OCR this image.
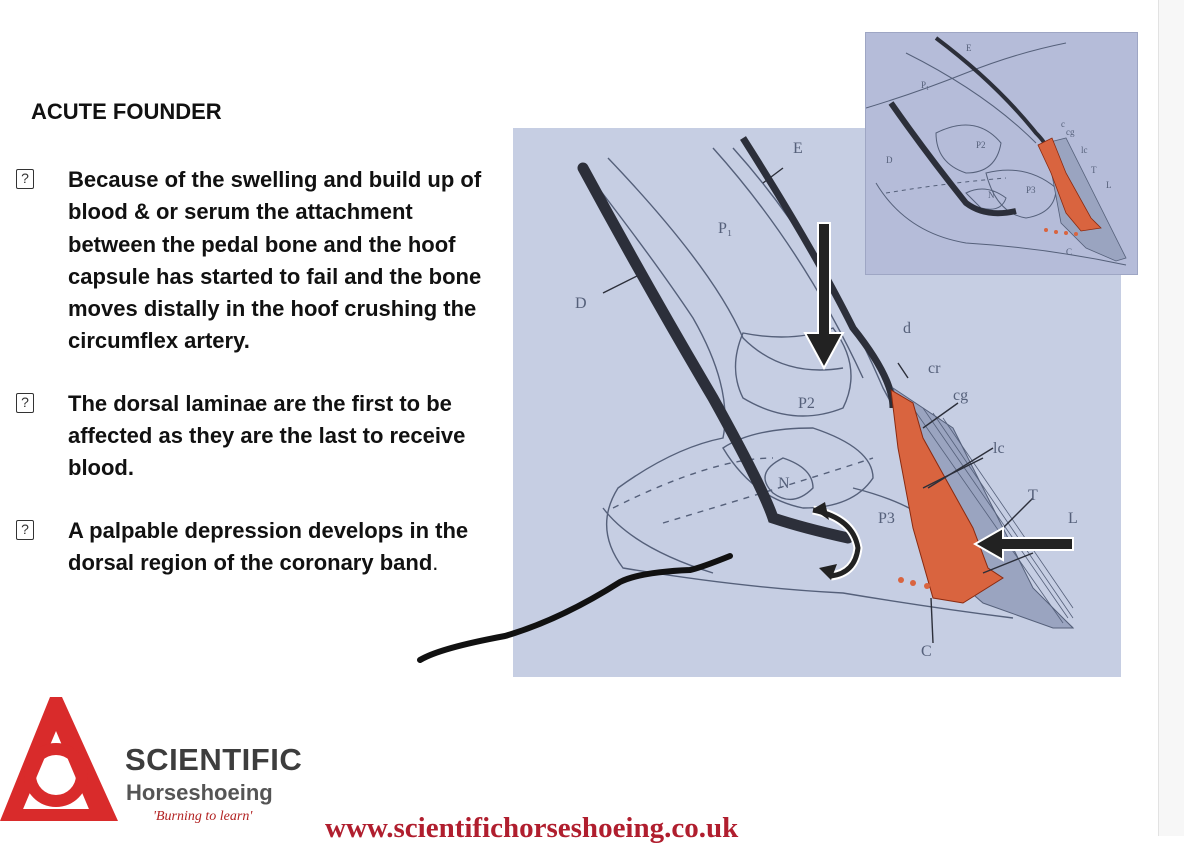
ACUTE FOUNDER
? Because of the swelling and build up of blood & or serum the attachment between the pedal bone and the hoof capsule has started to fail and the bone moves distally in the hoof crushing the circumflex artery.
? The dorsal laminae are the first to be affected as they are the last to receive blood.
? A palpable depression develops in the dorsal region of the coronary band.
E
P₁
D
d
cr
cg
P2
lc
N
P3
T
L
C
E
P₁
D
P2
N	P3
cg
lc
T
L
c
C
SCIENTIFIC
Horseshoeing
'Burning to learn'	www.scientifichorseshoeing.co.uk
